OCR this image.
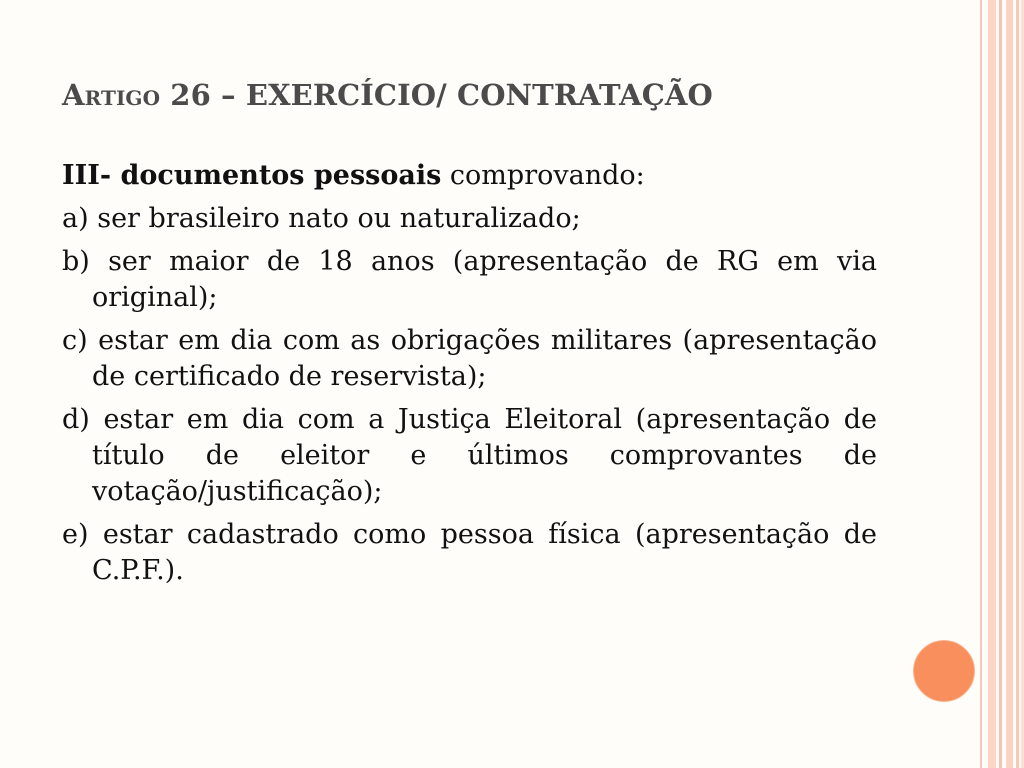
Artigo 26 – EXERCÍCIO/ CONTRATAÇÃO

III- documentos pessoais comprovando:

a) ser brasileiro nato ou naturalizado;

b) ser maior de 18 anos (apresentação de RG em via original);

c) estar em dia com as obrigações militares (apresentação de certificado de reservista);

d) estar em dia com a Justiça Eleitoral (apresentação de título de eleitor e últimos comprovantes de votação/justificação);

e) estar cadastrado como pessoa física (apresentação de C.P.F.).
